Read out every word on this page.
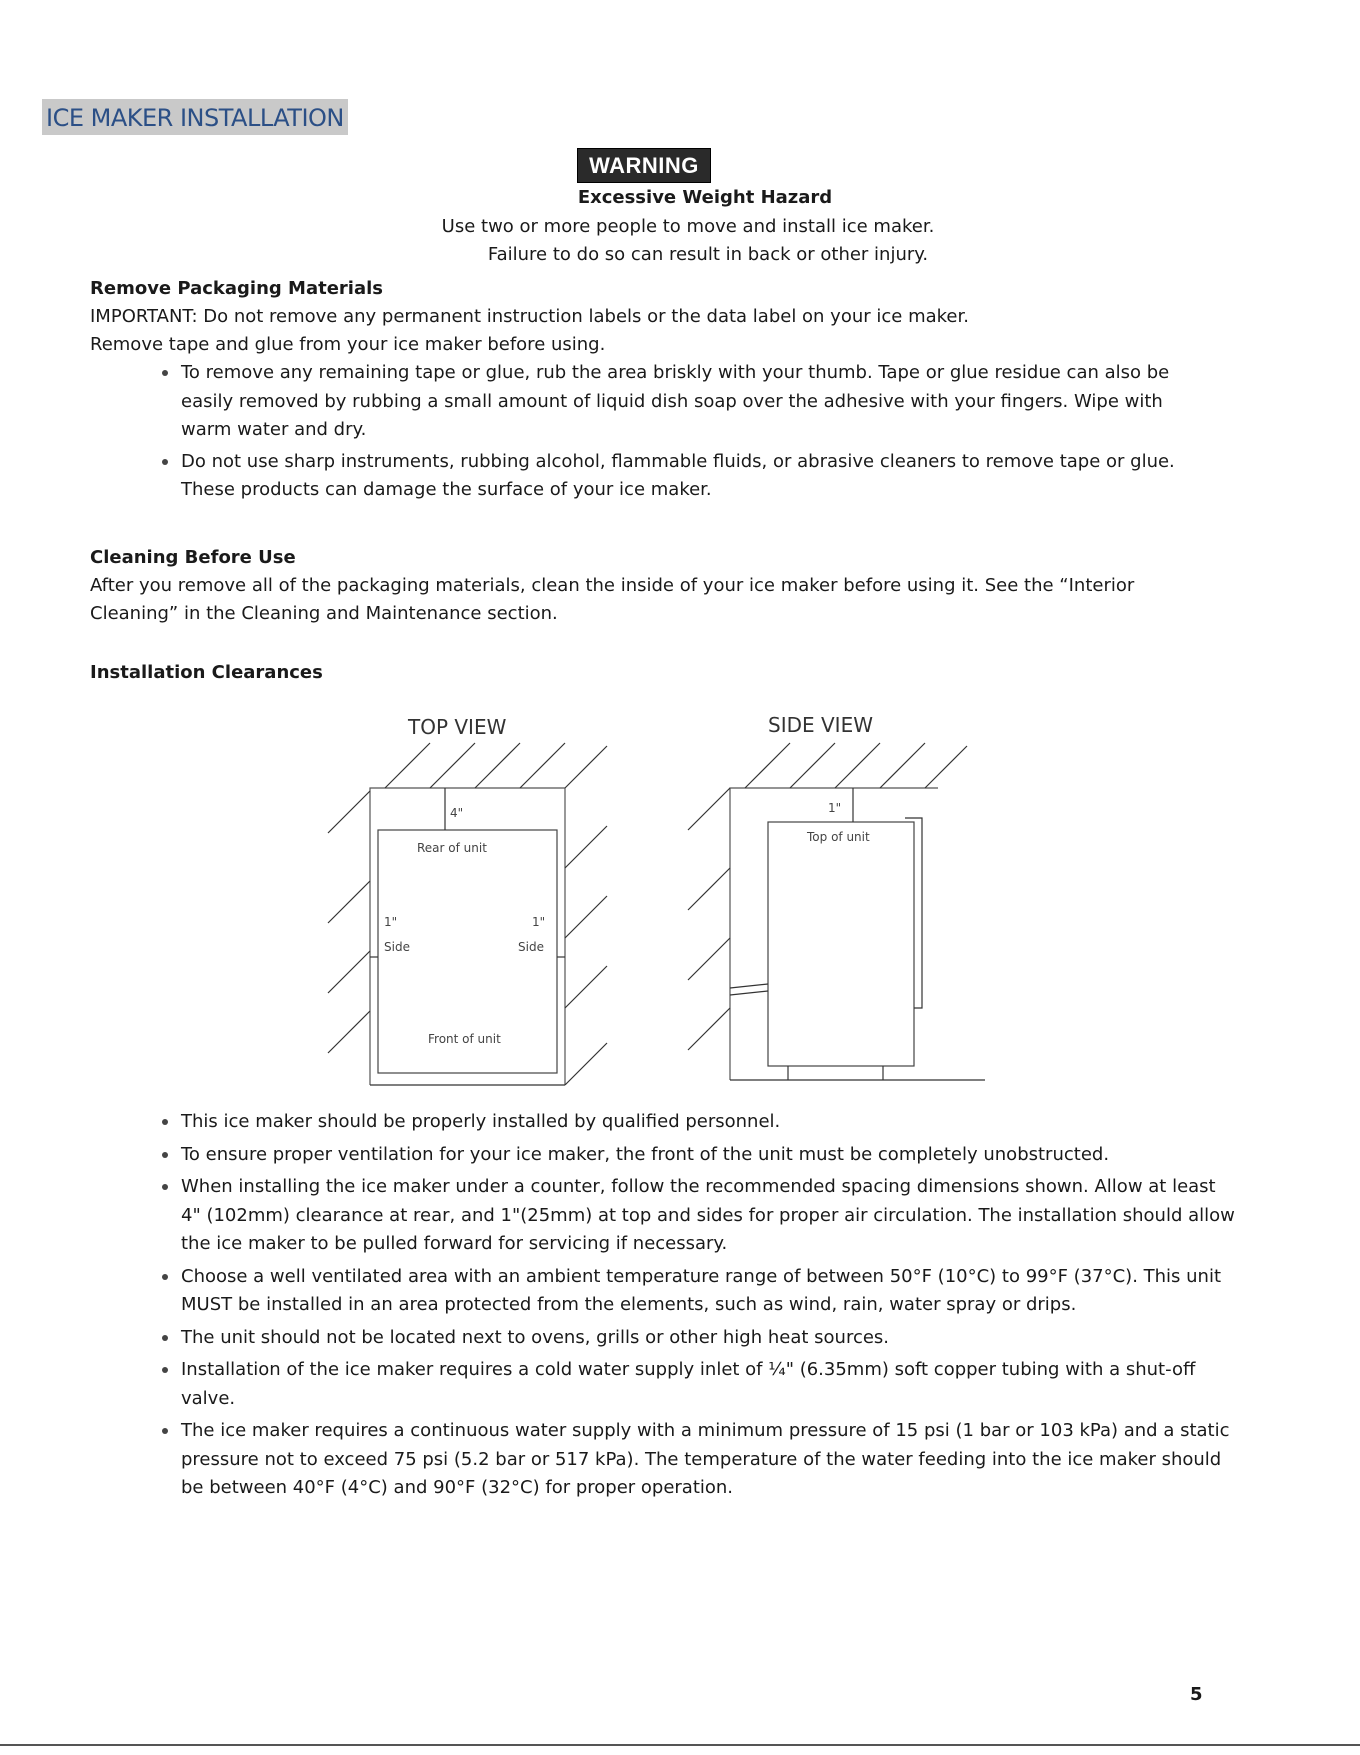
ICE MAKER INSTALLATION
WARNING
Excessive Weight Hazard
Use two or more people to move and install ice maker.
Failure to do so can result in back or other injury.
Remove Packaging Materials
IMPORTANT: Do not remove any permanent instruction labels or the data label on your ice maker.
Remove tape and glue from your ice maker before using.
To remove any remaining tape or glue, rub the area briskly with your thumb. Tape or glue residue can also be easily removed by rubbing a small amount of liquid dish soap over the adhesive with your fingers. Wipe with warm water and dry.
Do not use sharp instruments, rubbing alcohol, flammable fluids, or abrasive cleaners to remove tape or glue. These products can damage the surface of your ice maker.
Cleaning Before Use
After you remove all of the packaging materials, clean the inside of your ice maker before using it. See the “Interior Cleaning” in the Cleaning and Maintenance section.
Installation Clearances
TOP VIEW
4"
Rear of unit
1"
Side
1"
Side
Front of unit
SIDE VIEW
1"
Top of unit
This ice maker should be properly installed by qualified personnel.
To ensure proper ventilation for your ice maker, the front of the unit must be completely unobstructed.
When installing the ice maker under a counter, follow the recommended spacing dimensions shown. Allow at least 4" (102mm) clearance at rear, and 1"(25mm) at top and sides for proper air circulation. The installation should allow the ice maker to be pulled forward for servicing if necessary.
Choose a well ventilated area with an ambient temperature range of between 50°F (10°C) to 99°F (37°C). This unit MUST be installed in an area protected from the elements, such as wind, rain, water spray or drips.
The unit should not be located next to ovens, grills or other high heat sources.
Installation of the ice maker requires a cold water supply inlet of ¼" (6.35mm) soft copper tubing with a shut-off valve.
The ice maker requires a continuous water supply with a minimum pressure of 15 psi (1 bar or 103 kPa) and a static pressure not to exceed 75 psi (5.2 bar or 517 kPa). The temperature of the water feeding into the ice maker should be between 40°F (4°C) and 90°F (32°C) for proper operation.
5
